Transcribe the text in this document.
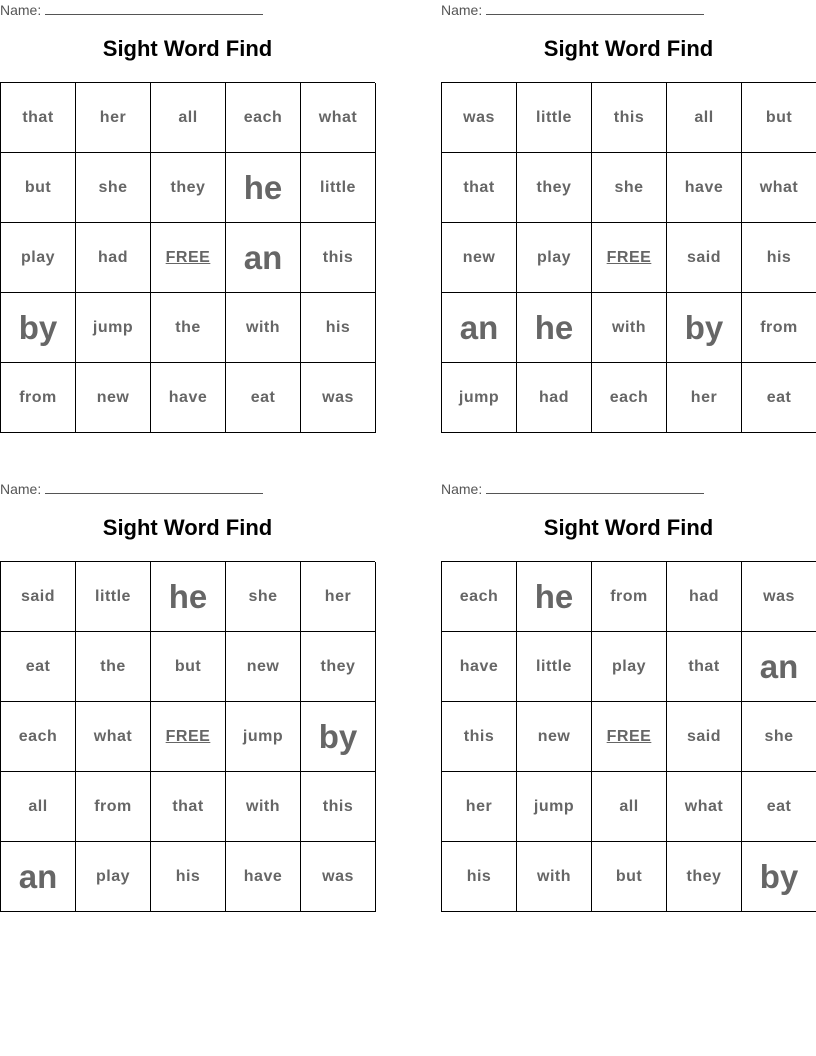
Name:
Sight Word Find
that	her	all	each	what
but	she	they	he	little
play	had	FREE	an	this
by	jump	the	with	his
from	new	have	eat	was
Name:
Sight Word Find
was	little	this	all	but
that	they	she	have	what
new	play	FREE	said	his
an	he	with	by	from
jump	had	each	her	eat
Name:
Sight Word Find
said	little	he	she	her
eat	the	but	new	they
each	what	FREE	jump	by
all	from	that	with	this
an	play	his	have	was
Name:
Sight Word Find
each	he	from	had	was
have	little	play	that	an
this	new	FREE	said	she
her	jump	all	what	eat
his	with	but	they	by
